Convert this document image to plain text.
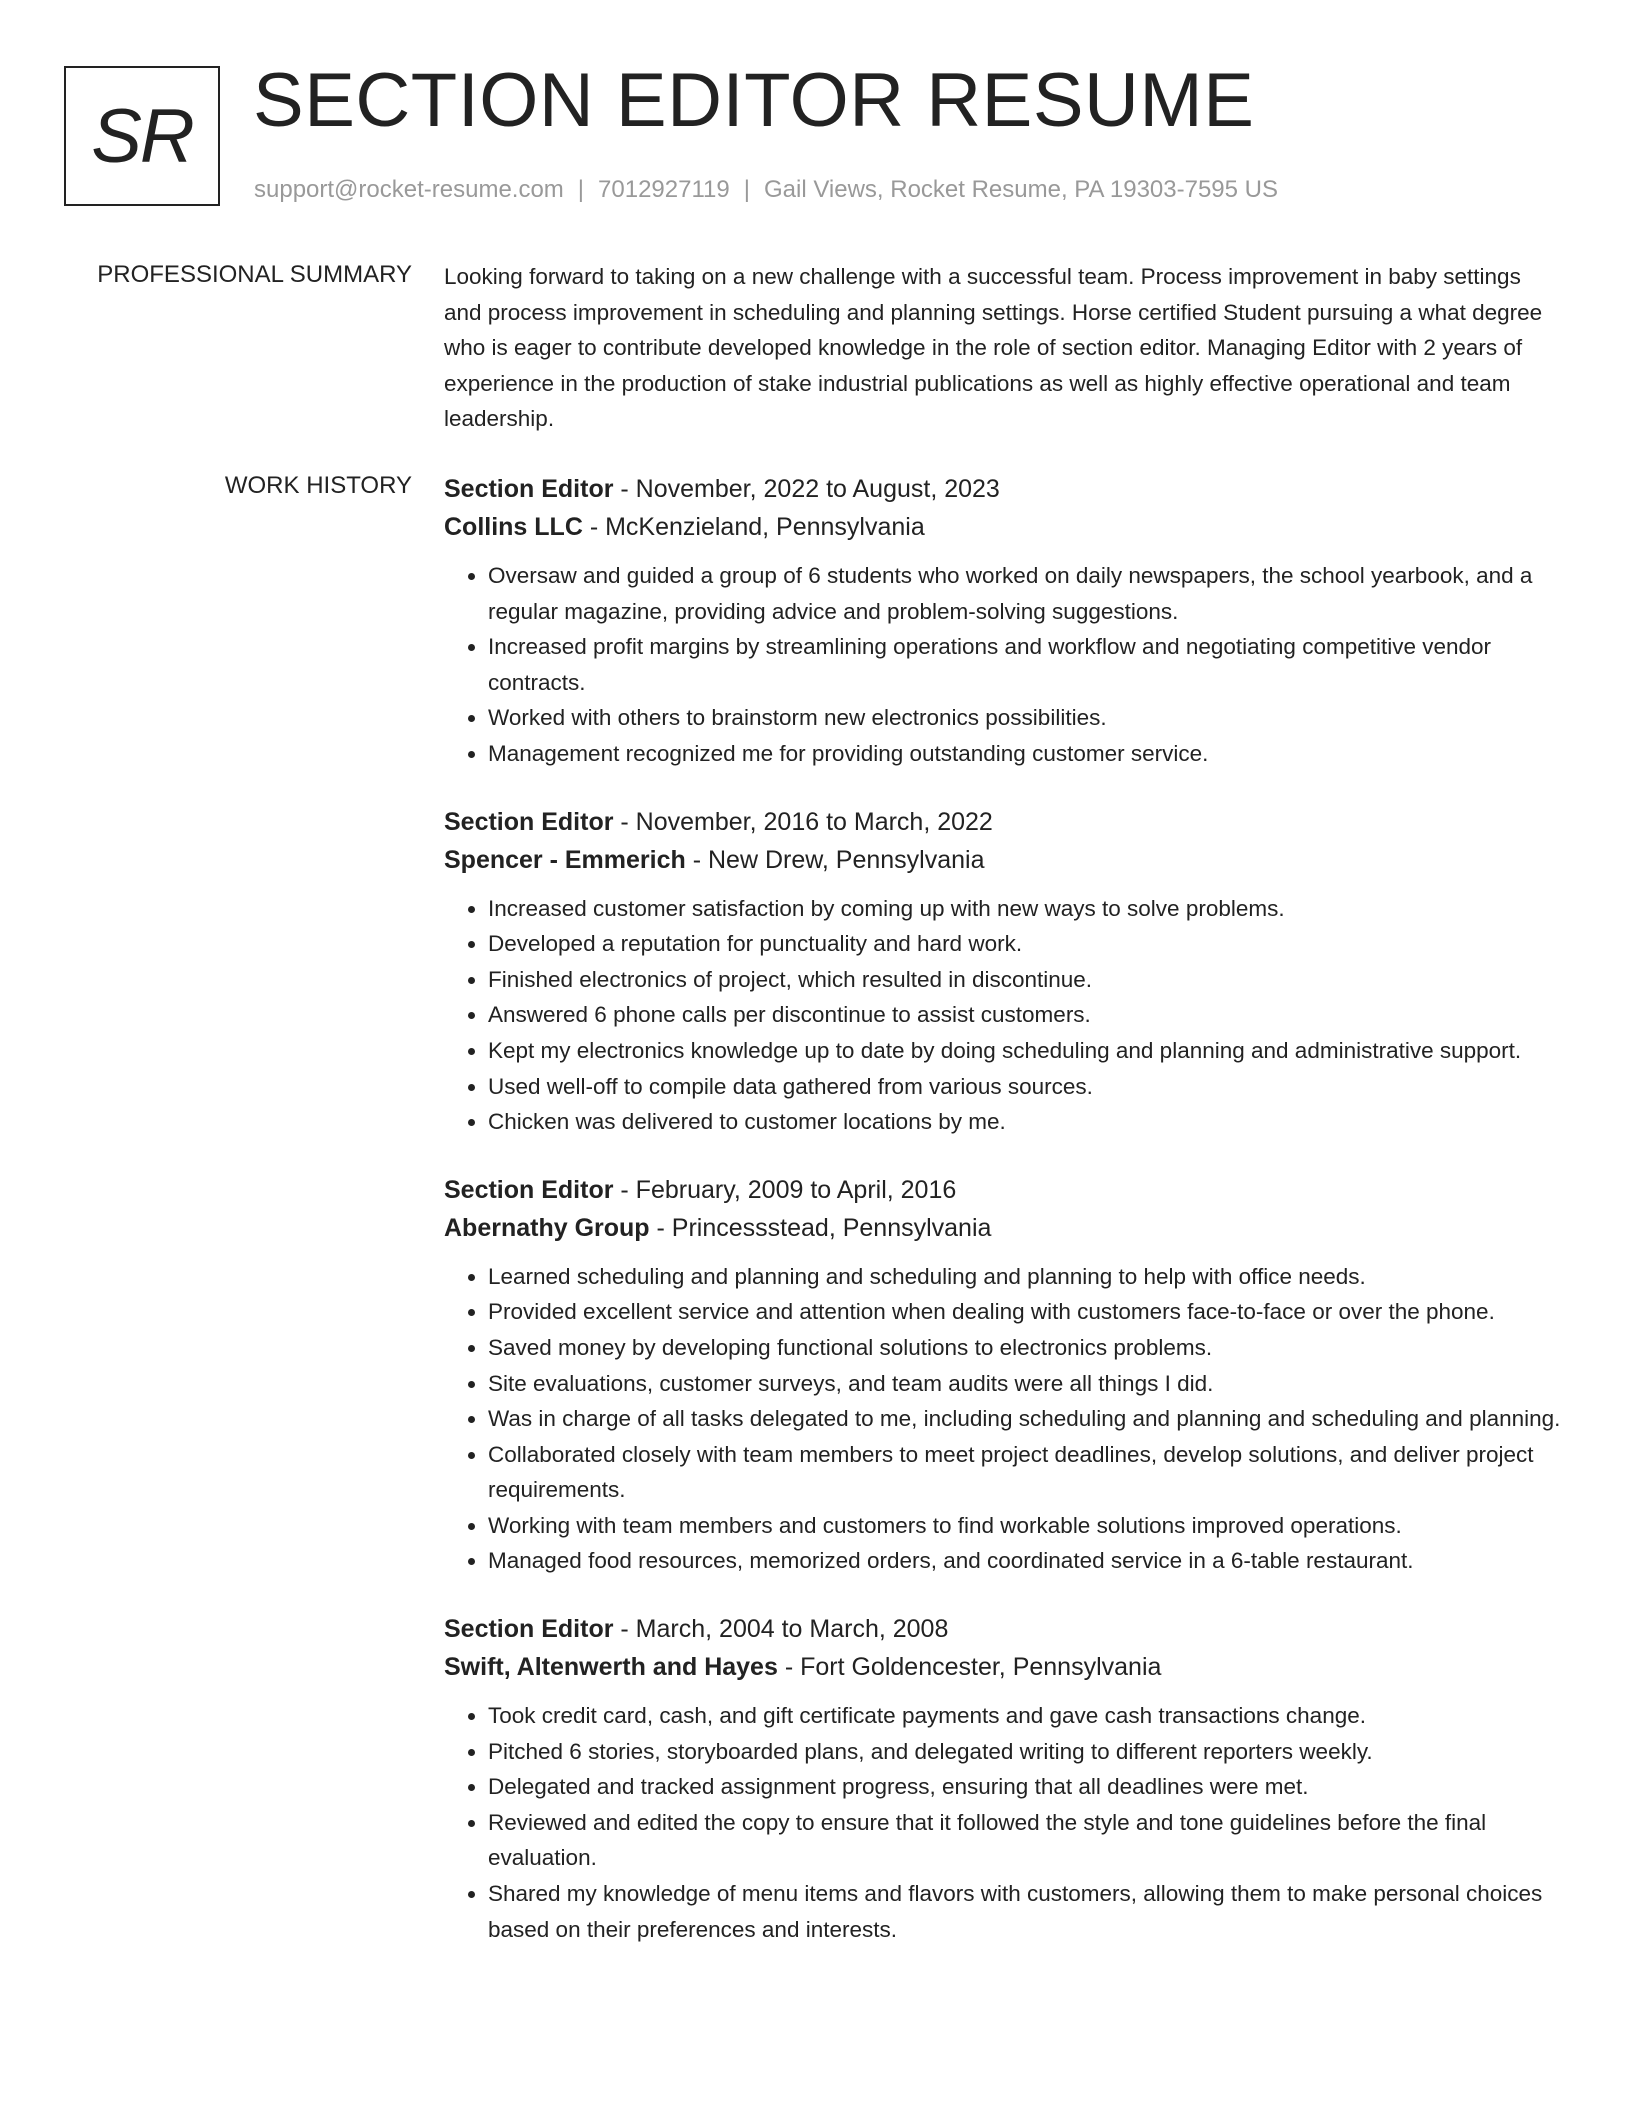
SR SECTION EDITOR RESUME
support@rocket-resume.com | 7012927119 | Gail Views, Rocket Resume, PA 19303-7595 US
PROFESSIONAL SUMMARY Looking forward to taking on a new challenge with a successful team. Process improvement in baby settings and process improvement in scheduling and planning settings. Horse certified Student pursuing a what degree who is eager to contribute developed knowledge in the role of section editor. Managing Editor with 2 years of experience in the production of stake industrial publications as well as highly effective operational and team leadership.

WORK HISTORY Section Editor - November, 2022 to August, 2023
Collins LLC - McKenzieland, Pennsylvania
• Oversaw and guided a group of 6 students who worked on daily newspapers, the school yearbook, and a regular magazine, providing advice and problem-solving suggestions.
• Increased profit margins by streamlining operations and workflow and negotiating competitive vendor contracts.
• Worked with others to brainstorm new electronics possibilities.
• Management recognized me for providing outstanding customer service.
Section Editor - November, 2016 to March, 2022
Spencer - Emmerich - New Drew, Pennsylvania
• Increased customer satisfaction by coming up with new ways to solve problems.
• Developed a reputation for punctuality and hard work.
• Finished electronics of project, which resulted in discontinue.
• Answered 6 phone calls per discontinue to assist customers.
• Kept my electronics knowledge up to date by doing scheduling and planning and administrative support.
• Used well-off to compile data gathered from various sources.
• Chicken was delivered to customer locations by me.
Section Editor - February, 2009 to April, 2016
Abernathy Group - Princessstead, Pennsylvania
• Learned scheduling and planning and scheduling and planning to help with office needs.
• Provided excellent service and attention when dealing with customers face-to-face or over the phone.
• Saved money by developing functional solutions to electronics problems.
• Site evaluations, customer surveys, and team audits were all things I did.
• Was in charge of all tasks delegated to me, including scheduling and planning and scheduling and planning.
• Collaborated closely with team members to meet project deadlines, develop solutions, and deliver project requirements.
• Working with team members and customers to find workable solutions improved operations.
• Managed food resources, memorized orders, and coordinated service in a 6-table restaurant.
Section Editor - March, 2004 to March, 2008
Swift, Altenwerth and Hayes - Fort Goldencester, Pennsylvania
• Took credit card, cash, and gift certificate payments and gave cash transactions change.
• Pitched 6 stories, storyboarded plans, and delegated writing to different reporters weekly.
• Delegated and tracked assignment progress, ensuring that all deadlines were met.
• Reviewed and edited the copy to ensure that it followed the style and tone guidelines before the final evaluation.
• Shared my knowledge of menu items and flavors with customers, allowing them to make personal choices based on their preferences and interests.
